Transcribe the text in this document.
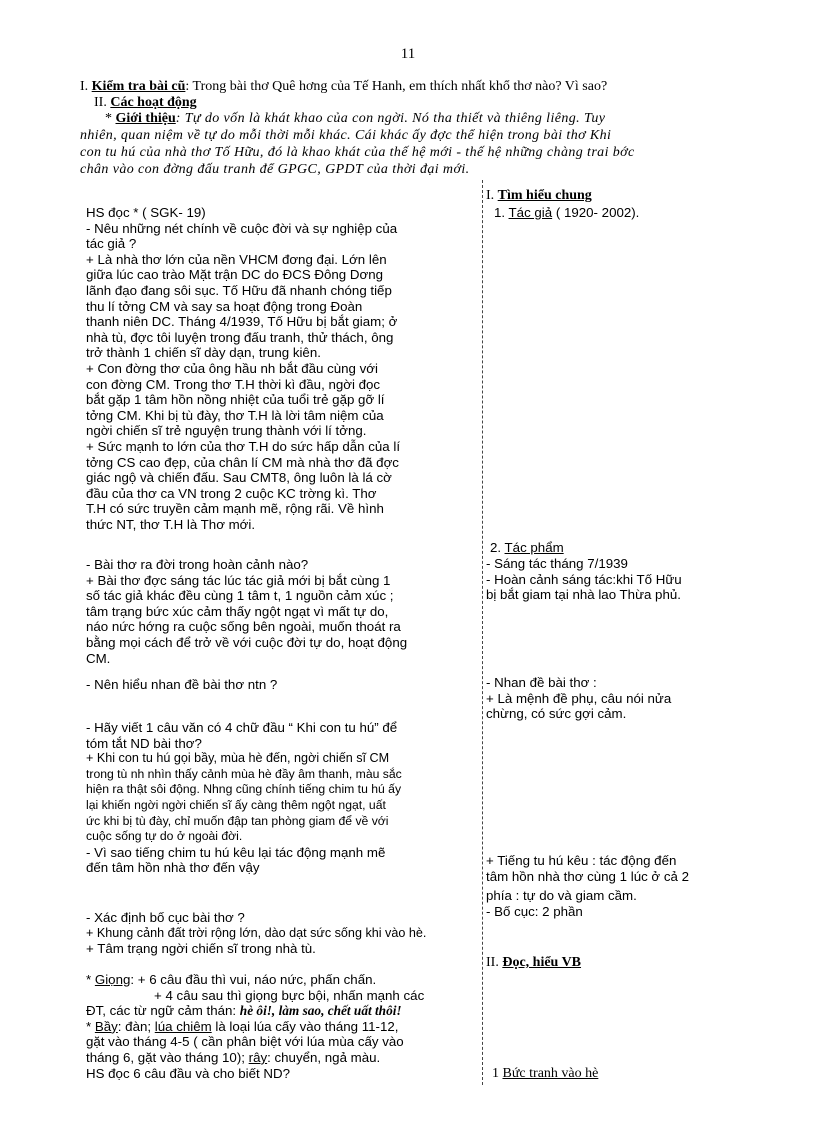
11
I. Kiểm tra bài cũ: Trong bài thơ Quê hơng của Tế Hanh, em thích nhất khổ thơ nào? Vì sao?
II. Các hoạt động
* Giới thiệu: Tự do vốn là khát khao của con ngời. Nó tha thiết và thiêng liêng. Tuy
nhiên, quan niệm về tự do mỗi thời mỗi khác. Cái khác ấy đợc thể hiện trong bài thơ Khi
con tu hú của nhà thơ Tố Hữu, đó là khao khát của thế hệ mới - thế hệ những chàng trai bớc
chân vào con đờng đấu tranh để GPGC, GPDT của thời đại mới.
HS đọc * ( SGK- 19)
- Nêu những nét chính về cuộc đời và sự nghiệp của
tác giả ?
+ Là nhà thơ lớn của nền VHCM đơng đại. Lớn lên
giữa lúc cao trào Mặt trận DC do ĐCS Đông Dơng
lãnh đạo đang sôi sục. Tố Hữu đã nhanh chóng tiếp
thu lí tởng CM và say sa hoạt động trong Đoàn
thanh niên DC. Tháng 4/1939, Tố Hữu bị bắt giam; ở
nhà tù, đợc tôi luyện trong đấu tranh, thử thách, ông
trở thành 1 chiến sĩ dày dạn, trung kiên.
+ Con đờng thơ của ông hầu nh bắt đầu cùng với
con đờng CM. Trong thơ T.H thời kì đầu, ngời đọc
bắt gặp 1 tâm hồn nồng nhiệt của tuổi trẻ gặp gỡ lí
tởng CM. Khi bị tù đày, thơ T.H là lời tâm niệm của
ngời chiến sĩ trẻ nguyện trung thành với lí tởng.
+ Sức mạnh to lớn của thơ T.H do sức hấp dẫn của lí
tởng CS cao đẹp, của chân lí CM mà nhà thơ đã đợc
giác ngộ và chiến đấu. Sau CMT8, ông luôn là lá cờ
đầu của thơ ca VN trong 2 cuộc KC trờng kì. Thơ
T.H có sức truyền cảm mạnh mẽ, rộng rãi. Về hình
thức NT, thơ T.H là Thơ mới.
- Bài thơ ra đời trong hoàn cảnh nào?
+ Bài thơ đợc sáng tác lúc tác giả mới bị bắt cùng 1
số tác giả khác đều cùng 1 tâm t, 1 nguồn cảm xúc ;
tâm trạng bức xúc cảm thấy ngột ngạt vì mất tự do,
náo nức hớng ra cuộc sống bên ngoài, muốn thoát ra
bằng mọi cách để trở về với cuộc đời tự do, hoạt động
CM.
- Nên hiểu nhan đề bài thơ ntn ?
- Hãy viết 1 câu văn có 4 chữ đầu “ Khi con tu hú” để
tóm tắt ND bài thơ?
+ Khi con tu hú gọi bầy, mùa hè đến, ngời chiến sĩ CM
trong tù nh nhìn thấy cảnh mùa hè đầy âm thanh, màu sắc
hiện ra thật sôi động. Nhng cũng chính tiếng chim tu hú ấy
lại khiến ngời ngời chiến sĩ ấy càng thêm ngột ngạt, uất
ức khi bị tù đày, chỉ muốn đập tan phòng giam để về với
cuộc sống tự do ở ngoài đời.
- Vì sao tiếng chim tu hú kêu lại tác động mạnh mẽ
đến tâm hồn nhà thơ đến vậy
- Xác định bố cục bài thơ ?
+ Khung cảnh đất trời rộng lớn, dào dạt sức sống khi vào hè.
+ Tâm trạng ngời chiến sĩ trong nhà tù.
* Giọng: + 6 câu đầu thì vui, náo nức, phấn chấn.
+ 4 câu sau thì giọng bực bội, nhấn mạnh các
ĐT, các từ ngữ cảm thán: hè ôi!, làm sao, chết uất thôi!
* Bầy: đàn; lúa chiêm là loại lúa cấy vào tháng 11-12,
gặt vào tháng 4-5 ( cần phân biệt với lúa mùa cấy vào
tháng 6, gặt vào tháng 10); rây: chuyển, ngả màu.
HS đọc 6 câu đầu và cho biết ND?
I. Tìm hiểu chung
1. Tác giả ( 1920- 2002).
2. Tác phẩm
- Sáng tác tháng 7/1939
- Hoàn cảnh sáng tác:khi Tố Hữu
bị bắt giam tại nhà lao Thừa phủ.
- Nhan đề bài thơ :
+ Là mệnh đề phụ, câu nói nửa
chừng, có sức gợi cảm.
+ Tiếng tu hú kêu : tác động đến
tâm hồn nhà thơ cùng 1 lúc ở cả 2
phía : tự do và giam cầm.
- Bố cục: 2 phần
II. Đọc, hiểu VB
1 Bức tranh vào hè
